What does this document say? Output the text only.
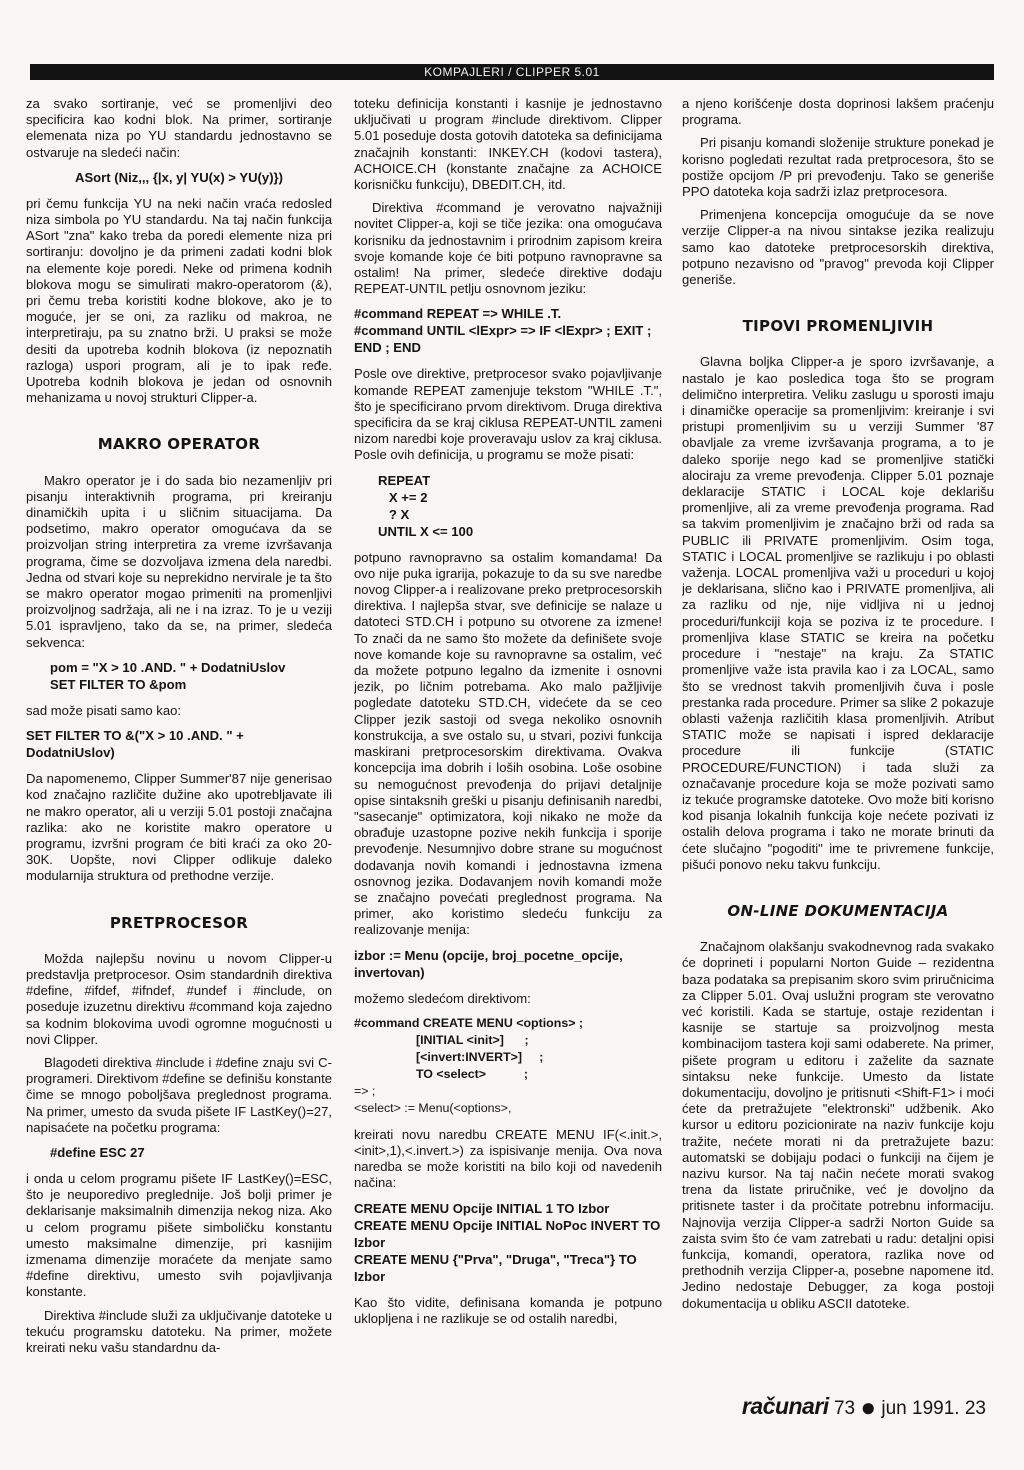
KOMPAJLERI / CLIPPER 5.01

za svako sortiranje, već se promenljivi deo specificira kao kodni blok. Na primer, sortiranje elemenata niza po YU standardu jednostavno se ostvaruje na sledeći način:

ASort (Niz,,, {|x, y| YU(x) > YU(y)})

pri čemu funkcija YU na neki način vraća redosled niza simbola po YU standardu. Na taj način funkcija ASort "zna" kako treba da poredi elemente niza pri sortiranju: dovoljno je da primeni zadati kodni blok na elemente koje poredi. Neke od primena kodnih blokova mogu se simulirati makro-operatorom (&), pri čemu treba koristiti kodne blokove, ako je to moguće, jer se oni, za razliku od makroa, ne interpretiraju, pa su znatno brži. U praksi se može desiti da upotreba kodnih blokova (iz nepoznatih razloga) uspori program, ali je to ipak ređe. Upotreba kodnih blokova je jedan od osnovnih mehanizama u novoj strukturi Clipper-a.

MAKRO OPERATOR

Makro operator je i do sada bio nezamenljiv pri pisanju interaktivnih programa, pri kreiranju dinamičkih upita i u sličnim situacijama. Da podsetimo, makro operator omogućava da se proizvoljan string interpretira za vreme izvršavanja programa, čime se dozvoljava izmena dela naredbi. Jedna od stvari koje su neprekidno nervirale je ta što se makro operator mogao primeniti na promenljivi proizvoljnog sadržaja, ali ne i na izraz. To je u veziji 5.01 ispravljeno, tako da se, na primer, sledeća sekvenca:

pom = "X > 10 .AND. " + DodatniUslov
SET FILTER TO &pom

sad može pisati samo kao:

SET FILTER TO &("X > 10 .AND. " + DodatniUslov)

Da napomenemo, Clipper Summer'87 nije generisao kod značajno različite dužine ako upotrebljavate ili ne makro operator, ali u verziji 5.01 postoji značajna razlika: ako ne koristite makro operatore u programu, izvršni program će biti kraći za oko 20-30K. Uopšte, novi Clipper odlikuje daleko modularnija struktura od prethodne verzije.

PRETPROCESOR

Možda najlepšu novinu u novom Clipper-u predstavlja pretprocesor. Osim standardnih direktiva #define, #ifdef, #ifndef, #undef i #include, on poseduje izuzetnu direktivu #command koja zajedno sa kodnim blokovima uvodi ogromne mogućnosti u novi Clipper.

Blagodeti direktiva #include i #define znaju svi C-programeri. Direktivom #define se definišu konstante čime se mnogo poboljšava preglednost programa. Na primer, umesto da svuda pišete IF LastKey()=27, napisaćete na početku programa:

#define ESC 27

i onda u celom programu pišete IF LastKey()=ESC, što je neuporedivo preglednije. Još bolji primer je deklarisanje maksimalnih dimenzija nekog niza. Ako u celom programu pišete simboličku konstantu umesto maksimalne dimenzije, pri kasnijim izmenama dimenzije moraćete da menjate samo #define direktivu, umesto svih pojavljivanja konstante.

Direktiva #include služi za uključivanje datoteke u tekuću programsku datoteku. Na primer, možete kreirati neku vašu standardnu da-

toteku definicija konstanti i kasnije je jednostavno uključivati u program #include direktivom. Clipper 5.01 poseduje dosta gotovih datoteka sa definicijama značajnih konstanti: INKEY.CH (kodovi tastera), ACHOICE.CH (konstante značajne za ACHOICE korisničku funkciju), DBEDIT.CH, itd.

Direktiva #command je verovatno najvažniji novitet Clipper-a, koji se tiče jezika: ona omogućava korisniku da jednostavnim i prirodnim zapisom kreira svoje komande koje će biti potpuno ravnopravne sa ostalim! Na primer, sledeće direktive dodaju REPEAT-UNTIL petlju osnovnom jeziku:

#command REPEAT => WHILE .T.
#command UNTIL <lExpr> => IF <lExpr> ; EXIT ; END ; END

Posle ove direktive, pretprocesor svako pojavljivanje komande REPEAT zamenjuje tekstom "WHILE .T.", što je specificirano prvom direktivom. Druga direktiva specificira da se kraj ciklusa REPEAT-UNTIL zameni nizom naredbi koje proveravaju uslov za kraj ciklusa. Posle ovih definicija, u programu se može pisati:

REPEAT
X += 2
? X
UNTIL X <= 100

potpuno ravnopravno sa ostalim komandama! Da ovo nije puka igrarija, pokazuje to da su sve naredbe novog Clipper-a i realizovane preko pretprocesorskih direktiva. I najlepša stvar, sve definicije se nalaze u datoteci STD.CH i potpuno su otvorene za izmene! To znači da ne samo što možete da definišete svoje nove komande koje su ravnopravne sa ostalim, već da možete potpuno legalno da izmenite i osnovni jezik, po ličnim potrebama. Ako malo pažljivije pogledate datoteku STD.CH, videćete da se ceo Clipper jezik sastoji od svega nekoliko osnovnih konstrukcija, a sve ostalo su, u stvari, pozivi funkcija maskirani pretprocesorskim direktivama. Ovakva koncepcija ima dobrih i loših osobina. Loše osobine su nemogućnost prevođenja do prijavi detaljnije opise sintaksnih greški u pisanju definisanih naredbi, "sasecanje" optimizatora, koji nikako ne može da obrađuje uzastopne pozive nekih funkcija i sporije prevođenje. Nesumnjivo dobre strane su mogućnost dodavanja novih komandi i jednostavna izmena osnovnog jezika. Dodavanjem novih komandi može se značajno povećati preglednost programa. Na primer, ako koristimo sledeću funkciju za realizovanje menija:

izbor := Menu (opcije, broj_pocetne_opcije, invertovan)

možemo sledećom direktivom:

#command CREATE MENU <options> ;
[INITIAL <init>]      ;
[<invert:INVERT>]     ;
TO <select>           ;
=> ;
<select> := Menu(<options>,

kreirati novu naredbu CREATE MENU IF(<.init.>,<init>,1),<.invert.>) za ispisivanje menija. Ova nova naredba se može koristiti na bilo koji od navedenih načina:

CREATE MENU Opcije INITIAL 1 TO Izbor
CREATE MENU Opcije INITIAL NoPoc INVERT TO Izbor
CREATE MENU {"Prva", "Druga", "Treca"} TO Izbor

Kao što vidite, definisana komanda je potpuno uklopljena i ne razlikuje se od ostalih naredbi,

a njeno korišćenje dosta doprinosi lakšem praćenju programa.

Pri pisanju komandi složenije strukture ponekad je korisno pogledati rezultat rada pretprocesora, što se postiže opcijom /P pri prevođenju. Tako se generiše PPO datoteka koja sadrži izlaz pretprocesora.

Primenjena koncepcija omogućuje da se nove verzije Clipper-a na nivou sintakse jezika realizuju samo kao datoteke pretprocesorskih direktiva, potpuno nezavisno od "pravog" prevoda koji Clipper generiše.

TIPOVI PROMENLJIVIH

Glavna boljka Clipper-a je sporo izvršavanje, a nastalo je kao posledica toga što se program delimično interpretira. Veliku zaslugu u sporosti imaju i dinamičke operacije sa promenljivim: kreiranje i svi pristupi promenljivim su u verziji Summer '87 obavljale za vreme izvršavanja programa, a to je daleko sporije nego kad se promenljive statički alociraju za vreme prevođenja. Clipper 5.01 poznaje deklaracije STATIC i LOCAL koje deklarišu promenljive, ali za vreme prevođenja programa. Rad sa takvim promenljivim je značajno brži od rada sa PUBLIC ili PRIVATE promenljivim. Osim toga, STATIC i LOCAL promenljive se razlikuju i po oblasti važenja. LOCAL promenljiva važi u proceduri u kojoj je deklarisana, slično kao i PRIVATE promenljiva, ali za razliku od nje, nije vidljiva ni u jednoj proceduri/funkciji koja se poziva iz te procedure. I promenljiva klase STATIC se kreira na početku procedure i "nestaje" na kraju. Za STATIC promenljive važe ista pravila kao i za LOCAL, samo što se vrednost takvih promenljivih čuva i posle prestanka rada procedure. Primer sa slike 2 pokazuje oblasti važenja različitih klasa promenljivih. Atribut STATIC može se napisati i ispred deklaracije procedure ili funkcije (STATIC PROCEDURE/FUNCTION) i tada služi za označavanje procedure koja se može pozivati samo iz tekuće programske datoteke. Ovo može biti korisno kod pisanja lokalnih funkcija koje nećete pozivati iz ostalih delova programa i tako ne morate brinuti da ćete slučajno "pogoditi" ime te privremene funkcije, pišući ponovo neku takvu funkciju.

ON-LINE DOKUMENTACIJA

Značajnom olakšanju svakodnevnog rada svakako će doprineti i popularni Norton Guide – rezidentna baza podataka sa prepisanim skoro svim priručnicima za Clipper 5.01. Ovaj uslužni program ste verovatno već koristili. Kada se startuje, ostaje rezidentan i kasnije se startuje sa proizvoljnog mesta kombinacijom tastera koji sami odaberete. Na primer, pišete program u editoru i zaželite da saznate sintaksu neke funkcije. Umesto da listate dokumentaciju, dovoljno je pritisnuti <Shift-F1> i moći ćete da pretražujete "elektronski" udžbenik. Ako kursor u editoru pozicionirate na naziv funkcije koju tražite, nećete morati ni da pretražujete bazu: automatski se dobijaju podaci o funkciji na čijem je nazivu kursor. Na taj način nećete morati svakog trena da listate priručnike, već je dovoljno da pritisnete taster i da pročitate potrebnu informaciju. Najnovija verzija Clipper-a sadrži Norton Guide sa zaista svim što će vam zatrebati u radu: detaljni opisi funkcija, komandi, operatora, razlika nove od prethodnih verzija Clipper-a, posebne napomene itd. Jedino nedostaje Debugger, za koga postoji dokumentacija u obliku ASCII datoteke.

računari 73 ● jun 1991. 23
